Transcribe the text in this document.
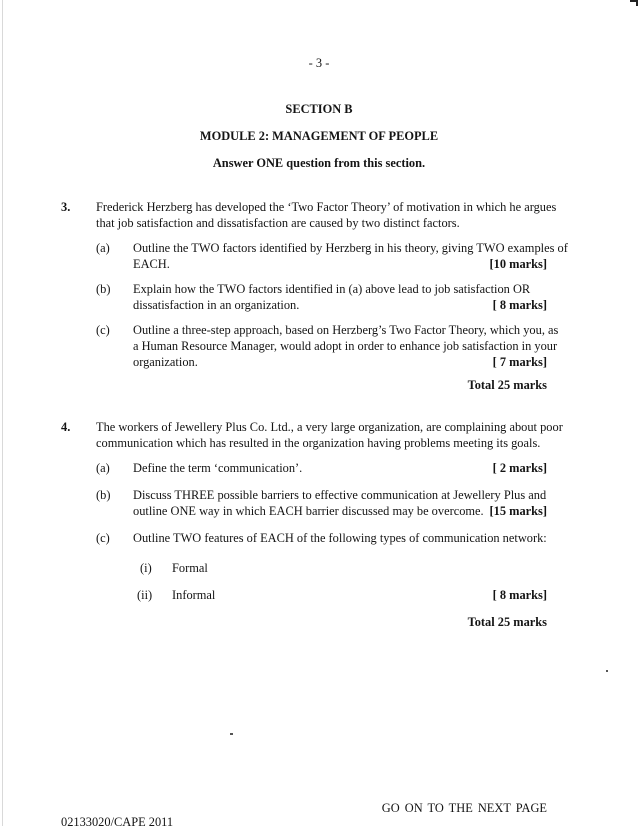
- 3 -
SECTION B
MODULE 2: MANAGEMENT OF PEOPLE
Answer ONE question from this section.
3. Frederick Herzberg has developed the ‘Two Factor Theory’ of motivation in which he argues
that job satisfaction and dissatisfaction are caused by two distinct factors.
(a) Outline the TWO factors identified by Herzberg in his theory, giving TWO examples of
EACH.	[10 marks]
(b) Explain how the TWO factors identified in (a) above lead to job satisfaction OR
dissatisfaction in an organization.	[ 8 marks]
(c) Outline a three-step approach, based on Herzberg’s Two Factor Theory, which you, as
a Human Resource Manager, would adopt in order to enhance job satisfaction in your
organization.	[ 7 marks]
Total 25 marks
4. The workers of Jewellery Plus Co. Ltd., a very large organization, are complaining about poor
communication which has resulted in the organization having problems meeting its goals.
(a) Define the term ‘communication’.	[ 2 marks]
(b) Discuss THREE possible barriers to effective communication at Jewellery Plus and
outline ONE way in which EACH barrier discussed may be overcome. [15 marks]
(c) Outline TWO features of EACH of the following types of communication network:
(i) Formal
(ii) Informal	[ 8 marks]
Total 25 marks
GO ON TO THE NEXT PAGE
02133020/CAPE 2011
